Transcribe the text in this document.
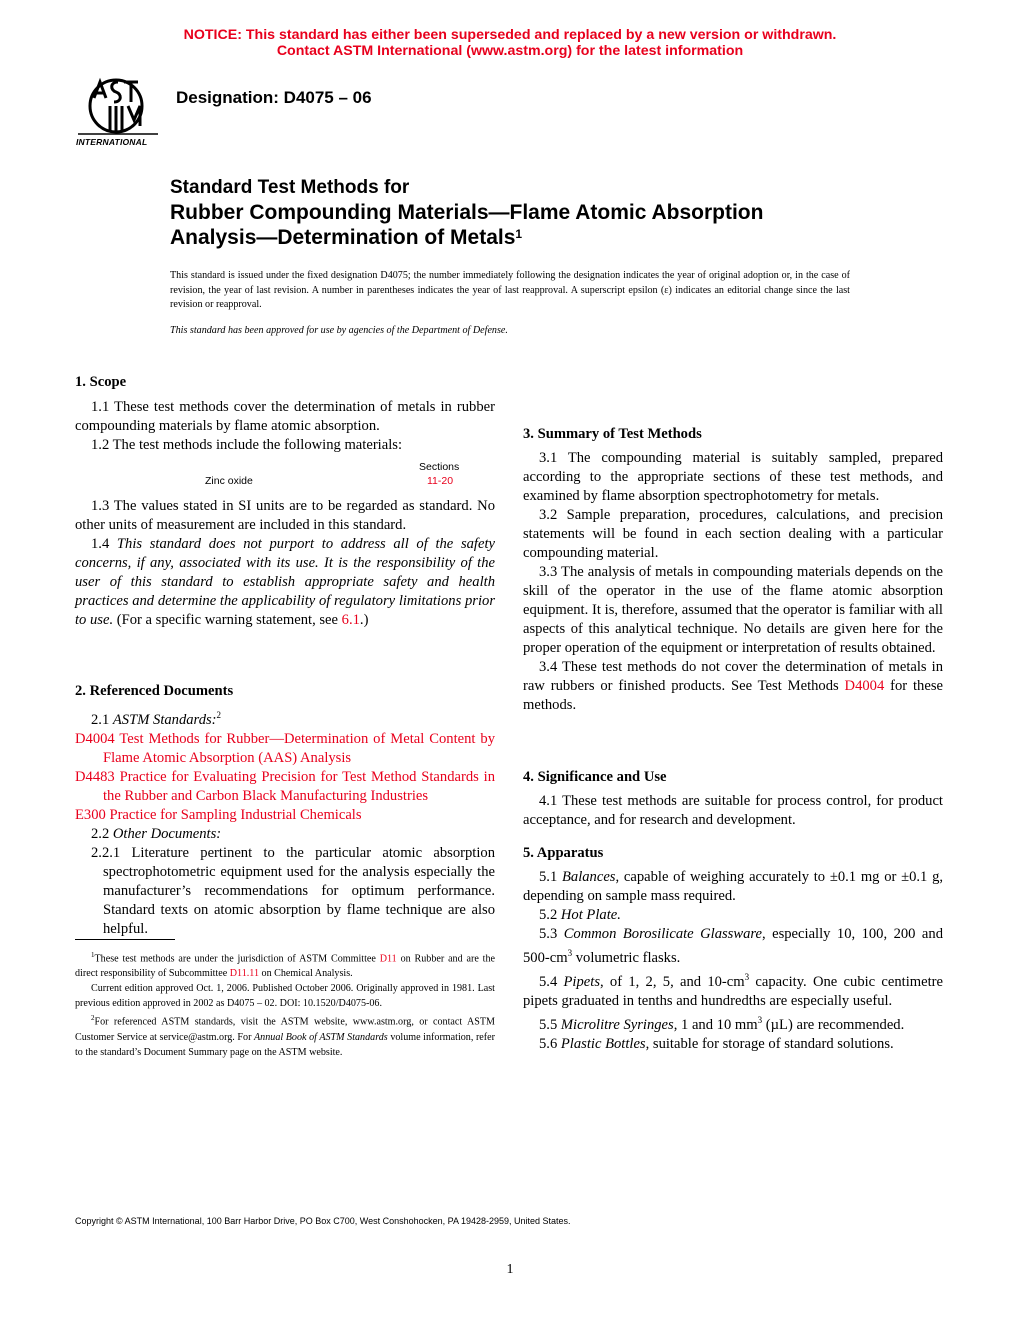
NOTICE: This standard has either been superseded and replaced by a new version or withdrawn.
Contact ASTM International (www.astm.org) for the latest information
INTERNATIONAL
Designation: D4075 – 06
Standard Test Methods for
Rubber Compounding Materials—Flame Atomic Absorption
Analysis—Determination of Metals$^1$
This standard is issued under the fixed designation D4075; the number immediately following the designation indicates the year of original adoption or, in the case of revision, the year of last revision. A number in parentheses indicates the year of last reapproval. A superscript epsilon (ε) indicates an editorial change since the last revision or reapproval.
This standard has been approved for use by agencies of the Department of Defense.
1. Scope

1.1 These test methods cover the determination of metals in rubber compounding materials by flame atomic absorption.

1.2 The test methods include the following materials:

Sections
Zinc oxide	11-20

1.3 The values stated in SI units are to be regarded as standard. No other units of measurement are included in this standard.

1.4 This standard does not purport to address all of the safety concerns, if any, associated with its use. It is the responsibility of the user of this standard to establish appropriate safety and health practices and determine the applicability of regulatory limitations prior to use. (For a specific warning statement, see 6.1.)

2. Referenced Documents

2.1 ASTM Standards:$^2$

D4004 Test Methods for Rubber—Determination of Metal Content by Flame Atomic Absorption (AAS) Analysis

D4483 Practice for Evaluating Precision for Test Method Standards in the Rubber and Carbon Black Manufacturing Industries

E300 Practice for Sampling Industrial Chemicals

2.2 Other Documents:

2.2.1 Literature pertinent to the particular atomic absorption spectrophotometric equipment used for the analysis especially the manufacturer’s recommendations for optimum performance. Standard texts on atomic absorption by flame technique are also helpful.

$^1$These test methods are under the jurisdiction of ASTM Committee D11 on Rubber and are the direct responsibility of Subcommittee D11.11 on Chemical Analysis.

Current edition approved Oct. 1, 2006. Published October 2006. Originally approved in 1981. Last previous edition approved in 2002 as D4075 – 02. DOI: 10.1520/D4075-06.

$^2$For referenced ASTM standards, visit the ASTM website, www.astm.org, or contact ASTM Customer Service at service@astm.org. For Annual Book of ASTM Standards volume information, refer to the standard’s Document Summary page on the ASTM website.

3. Summary of Test Methods

3.1 The compounding material is suitably sampled, prepared according to the appropriate sections of these test methods, and examined by flame absorption spectrophotometry for metals.

3.2 Sample preparation, procedures, calculations, and precision statements will be found in each section dealing with a particular compounding material.

3.3 The analysis of metals in compounding materials depends on the skill of the operator in the use of the flame atomic absorption equipment. It is, therefore, assumed that the operator is familiar with all aspects of this analytical technique. No details are given here for the proper operation of the equipment or interpretation of results obtained.

3.4 These test methods do not cover the determination of metals in raw rubbers or finished products. See Test Methods D4004 for these methods.

4. Significance and Use

4.1 These test methods are suitable for process control, for product acceptance, and for research and development.

5. Apparatus

5.1 Balances, capable of weighing accurately to ±0.1 mg or ±0.1 g, depending on sample mass required.

5.2 Hot Plate.

5.3 Common Borosilicate Glassware, especially 10, 100, 200 and $500-cm^3$ volumetric flasks.

5.4 Pipets, of 1, 2, 5, and $10-cm^3$ capacity. One cubic centimetre pipets graduated in tenths and hundredths are especially useful.

5.5 Microlitre Syringes, 1 and 10 $mm^3$ (µL) are recommended.

5.6 Plastic Bottles, suitable for storage of standard solutions.

Copyright © ASTM International, 100 Barr Harbor Drive, PO Box C700, West Conshohocken, PA 19428-2959, United States.
1
